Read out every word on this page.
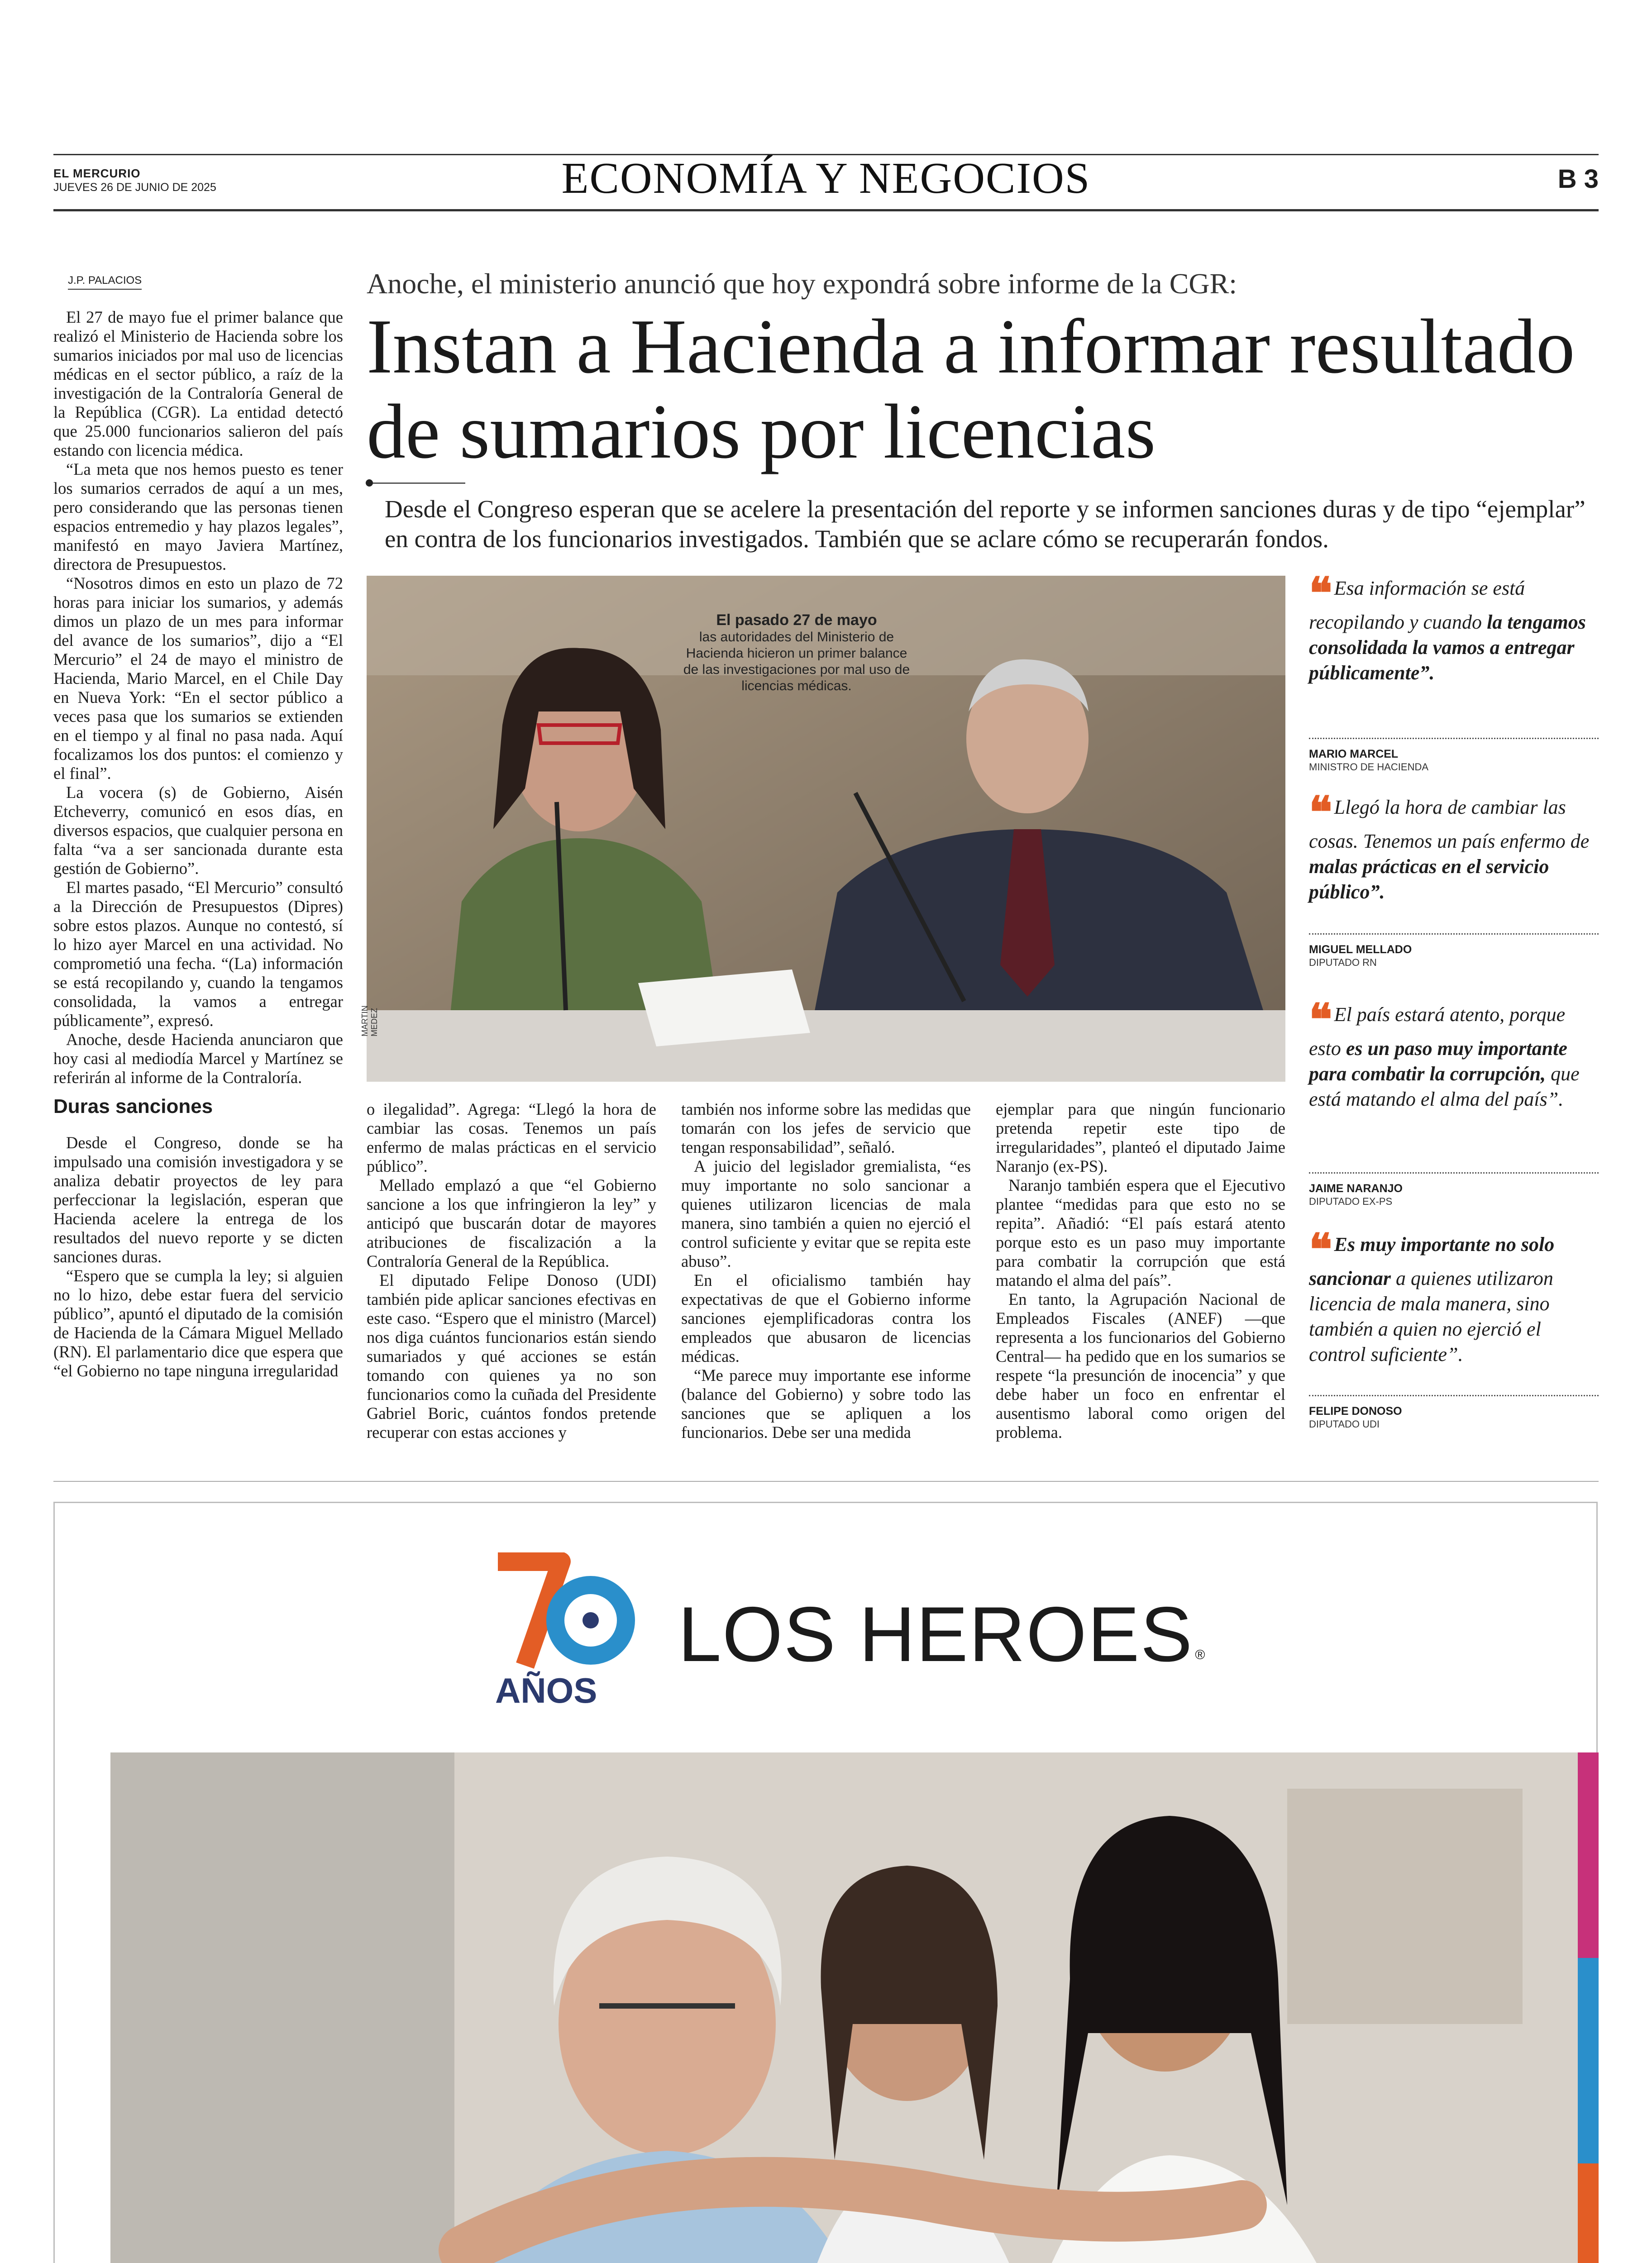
EL MERCURIO
JUEVES 26 DE JUNIO DE 2025	ECONOMÍA Y NEGOCIOS	B 3
J.P. PALACIOS

El 27 de mayo fue el primer balance que realizó el Ministerio de Hacienda sobre los sumarios iniciados por mal uso de licencias médicas en el sector público, a raíz de la investigación de la Contraloría General de la República (CGR). La entidad detectó que 25.000 funcionarios salieron del país estando con licencia médica.

“La meta que nos hemos puesto es tener los sumarios cerrados de aquí a un mes, pero considerando que las personas tienen espacios entremedio y hay plazos legales”, manifestó en mayo Javiera Martínez, directora de Presupuestos.

“Nosotros dimos en esto un plazo de 72 horas para iniciar los sumarios, y además dimos un plazo de un mes para informar del avance de los sumarios”, dijo a “El Mercurio” el 24 de mayo el ministro de Hacienda, Mario Marcel, en el Chile Day en Nueva York: “En el sector público a veces pasa que los sumarios se extienden en el tiempo y al final no pasa nada. Aquí focalizamos los dos puntos: el comienzo y el final”.

La vocera (s) de Gobierno, Aisén Etcheverry, comunicó en esos días, en diversos espacios, que cualquier persona en falta “va a ser sancionada durante esta gestión de Gobierno”.

El martes pasado, “El Mercurio” consultó a la Dirección de Presupuestos (Dipres) sobre estos plazos. Aunque no contestó, sí lo hizo ayer Marcel en una actividad. No comprometió una fecha. “(La) información se está recopilando y, cuando la tengamos consolidada, la vamos a entregar públicamente”, expresó.

Anoche, desde Hacienda anunciaron que hoy casi al mediodía Marcel y Martínez se referirán al informe de la Contraloría.

Duras sanciones

Desde el Congreso, donde se ha impulsado una comisión investigadora y se analiza debatir proyectos de ley para perfeccionar la legislación, esperan que Hacienda acelere la entrega de los resultados del nuevo reporte y se dicten sanciones duras.

“Espero que se cumpla la ley; si alguien no lo hizo, debe estar fuera del servicio público”, apuntó el diputado de la comisión de Hacienda de la Cámara Miguel Mellado (RN). El parlamentario dice que espera que “el Gobierno no tape ninguna irregularidad

Anoche, el ministerio anunció que hoy expondrá sobre informe de la CGR:
Instan a Hacienda a informar resultado de sumarios por licencias
Desde el Congreso esperan que se acelere la presentación del reporte y se informen sanciones duras y de tipo “ejemplar” en contra de los funcionarios investigados. También que se aclare cómo se recuperarán fondos.
El pasado 27 de mayo
las autoridades del Ministerio de Hacienda hicieron un primer balance de las investigaciones por mal uso de licencias médicas.
MARTIN MEDEZ

o ilegalidad”. Agrega: “Llegó la hora de cambiar las cosas. Tenemos un país enfermo de malas prácticas en el servicio público”.

Mellado emplazó a que “el Gobierno sancione a los que infringieron la ley” y anticipó que buscarán dotar de mayores atribuciones de fiscalización a la Contraloría General de la República.

El diputado Felipe Donoso (UDI) también pide aplicar sanciones efectivas en este caso. “Espero que el ministro (Marcel) nos diga cuántos funcionarios están siendo sumariados y qué acciones se están tomando con quienes ya no son funcionarios como la cuñada del Presidente Gabriel Boric, cuántos fondos pretende recuperar con estas acciones y

también nos informe sobre las medidas que tomarán con los jefes de servicio que tengan responsabilidad”, señaló.

A juicio del legislador gremialista, “es muy importante no solo sancionar a quienes utilizaron licencias de mala manera, sino también a quien no ejerció el control suficiente y evitar que se repita este abuso”.

En el oficialismo también hay expectativas de que el Gobierno informe sanciones ejemplificadoras contra los empleados que abusaron de licencias médicas.

“Me parece muy importante ese informe (balance del Gobierno) y sobre todo las sanciones que se apliquen a los funcionarios. Debe ser una medida

ejemplar para que ningún funcionario pretenda repetir este tipo de irregularidades”, planteó el diputado Jaime Naranjo (ex-PS).

Naranjo también espera que el Ejecutivo plantee “medidas para que esto no se repita”. Añadió: “El país estará atento porque esto es un paso muy importante para combatir la corrupción que está matando el alma del país”.

En tanto, la Agrupación Nacional de Empleados Fiscales (ANEF) —que representa a los funcionarios del Gobierno Central— ha pedido que en los sumarios se respete “la presunción de inocencia” y que debe haber un foco en enfrentar el ausentismo laboral como origen del problema.

❝ Esa información se está recopilando y cuando la tengamos consolidada la vamos a entregar públicamente”.
MARIO MARCEL
MINISTRO DE HACIENDA
❝ Llegó la hora de cambiar las cosas. Tenemos un país enfermo de malas prácticas en el servicio público”.
MIGUEL MELLADO
DIPUTADO RN
❝ El país estará atento, porque esto es un paso muy importante para combatir la corrupción, que está matando el alma del país”.
JAIME NARANJO
DIPUTADO EX-PS
❝ Es muy importante no solo sancionar a quienes utilizaron licencia de mala manera, sino también a quien no ejerció el control suficiente”.
FELIPE DONOSO
DIPUTADO UDI
AÑOS
LOS HEROES ®
